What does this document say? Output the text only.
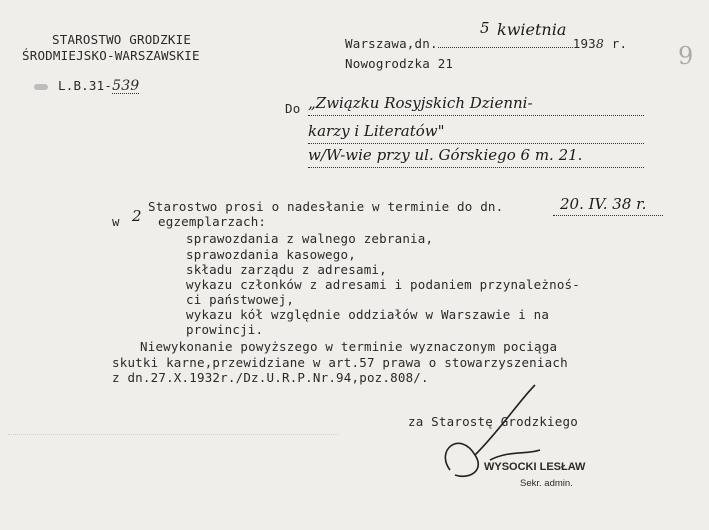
STAROSTWO GRODZKIE
ŚRODMIEJSKO-WARSZAWSKIE
L.B.31-539
Warszawa,dn.	1938 r.
5 kwietnia
Nowogrodzka 21	9
Do „Związku Rosyjskich Dzienni-
karzy i Literatów"
w/W-wie przy ul. Górskiego 6 m. 21.
Starostwo prosi o nadesłanie w terminie do dn.	20. IV. 38 r.
w 2 egzemplarzach:
sprawozdania z walnego zebrania,
sprawozdania kasowego,
składu zarządu z adresami,
wykazu członków z adresami i podaniem przynależnoś-
ci państwowej,
wykazu kół względnie oddziałów w Warszawie i na
prowincji.
Niewykonanie powyższego w terminie wyznaczonym pociąga
skutki karne,przewidziane w art.57 prawa o stowarzyszeniach
z dn.27.X.1932r./Dz.U.R.P.Nr.94,poz.808/.
za Starostę Grodzkiego
WYSOCKI LESŁAW
Sekr. admin.
